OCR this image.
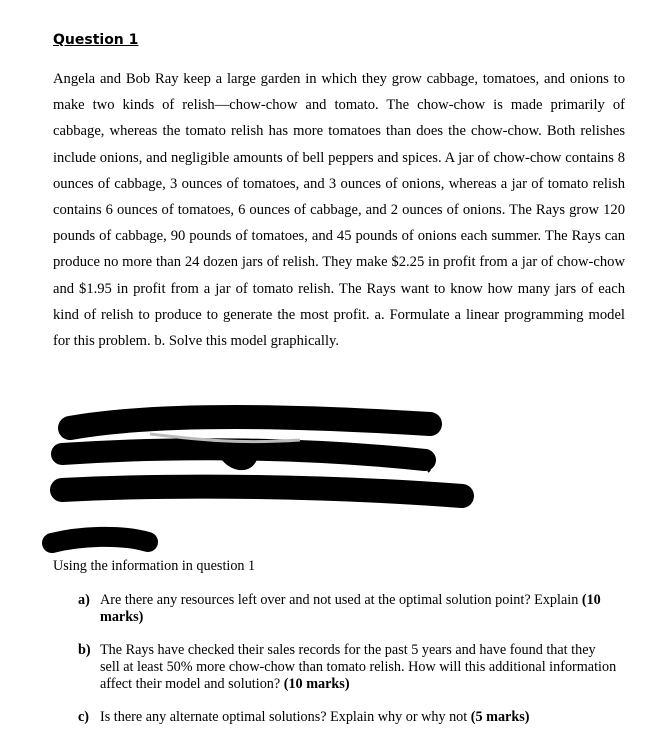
Question 1

Angela and Bob Ray keep a large garden in which they grow cabbage, tomatoes, and onions to make two kinds of relish—chow-chow and tomato. The chow-chow is made primarily of cabbage, whereas the tomato relish has more tomatoes than does the chow-chow. Both relishes include onions, and negligible amounts of bell peppers and spices. A jar of chow-chow contains 8 ounces of cabbage, 3 ounces of tomatoes, and 3 ounces of onions, whereas a jar of tomato relish contains 6 ounces of tomatoes, 6 ounces of cabbage, and 2 ounces of onions. The Rays grow 120 pounds of cabbage, 90 pounds of tomatoes, and 45 pounds of onions each summer. The Rays can produce no more than 24 dozen jars of relish. They make $2.25 in profit from a jar of chow-chow and $1.95 in profit from a jar of tomato relish. The Rays want to know how many jars of each kind of relish to produce to generate the most profit. a. Formulate a linear programming model for this problem. b. Solve this model graphically.

Using the information in question 1
a) Are there any resources left over and not used at the optimal solution point? Explain (10 marks)
b) The Rays have checked their sales records for the past 5 years and have found that they sell at least 50% more chow-chow than tomato relish. How will this additional information affect their model and solution? (10 marks)
c) Is there any alternate optimal solutions? Explain why or why not (5 marks)
